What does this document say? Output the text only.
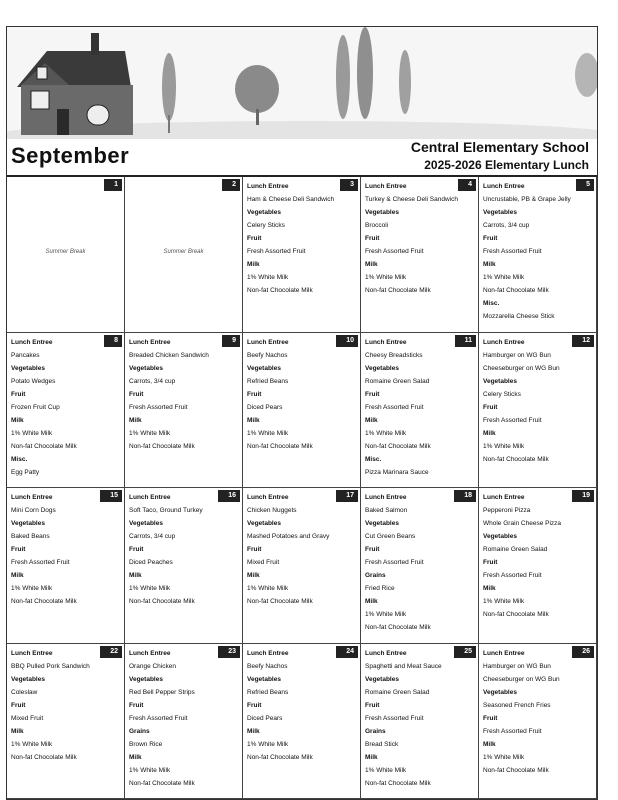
September	Central Elementary School
2025-2026 Elementary Lunch
1
Summer Break
2
Summer Break
3
Lunch Entree
Ham & Cheese Deli Sandwich
Vegetables
Celery Sticks
Fruit
Fresh Assorted Fruit
Milk
1% White Milk
Non-fat Chocolate Milk
4
Lunch Entree
Turkey & Cheese Deli Sandwich
Vegetables
Broccoli
Fruit
Fresh Assorted Fruit
Milk
1% White Milk
Non-fat Chocolate Milk
5
Lunch Entree
Uncrustable, PB & Grape Jelly
Vegetables
Carrots, 3/4 cup
Fruit
Fresh Assorted Fruit
Milk
1% White Milk
Non-fat Chocolate Milk
Misc.
Mozzarella Cheese Stick
8
Lunch Entree
Pancakes
Vegetables
Potato Wedges
Fruit
Frozen Fruit Cup
Milk
1% White Milk
Non-fat Chocolate Milk
Misc.
Egg Patty
9
Lunch Entree
Breaded Chicken Sandwich
Vegetables
Carrots, 3/4 cup
Fruit
Fresh Assorted Fruit
Milk
1% White Milk
Non-fat Chocolate Milk
10
Lunch Entree
Beefy Nachos
Vegetables
Refried Beans
Fruit
Diced Pears
Milk
1% White Milk
Non-fat Chocolate Milk
11
Lunch Entree
Cheesy Breadsticks
Vegetables
Romaine Green Salad
Fruit
Fresh Assorted Fruit
Milk
1% White Milk
Non-fat Chocolate Milk
Misc.
Pizza Marinara Sauce
12
Lunch Entree
Hamburger on WG Bun
Cheeseburger on WG Bun
Vegetables
Celery Sticks
Fruit
Fresh Assorted Fruit
Milk
1% White Milk
Non-fat Chocolate Milk
15
Lunch Entree
Mini Corn Dogs
Vegetables
Baked Beans
Fruit
Fresh Assorted Fruit
Milk
1% White Milk
Non-fat Chocolate Milk
16
Lunch Entree
Soft Taco, Ground Turkey
Vegetables
Carrots, 3/4 cup
Fruit
Diced Peaches
Milk
1% White Milk
Non-fat Chocolate Milk
17
Lunch Entree
Chicken Nuggets
Vegetables
Mashed Potatoes and Gravy
Fruit
Mixed Fruit
Milk
1% White Milk
Non-fat Chocolate Milk
18
Lunch Entree
Baked Salmon
Vegetables
Cut Green Beans
Fruit
Fresh Assorted Fruit
Grains
Fried Rice
Milk
1% White Milk
Non-fat Chocolate Milk
19
Lunch Entree
Pepperoni Pizza
Whole Grain Cheese Pizza
Vegetables
Romaine Green Salad
Fruit
Fresh Assorted Fruit
Milk
1% White Milk
Non-fat Chocolate Milk
22
Lunch Entree
BBQ Pulled Pork Sandwich
Vegetables
Coleslaw
Fruit
Mixed Fruit
Milk
1% White Milk
Non-fat Chocolate Milk
23
Lunch Entree
Orange Chicken
Vegetables
Red Bell Pepper Strips
Fruit
Fresh Assorted Fruit
Grains
Brown Rice
Milk
1% White Milk
Non-fat Chocolate Milk
24
Lunch Entree
Beefy Nachos
Vegetables
Refried Beans
Fruit
Diced Pears
Milk
1% White Milk
Non-fat Chocolate Milk
25
Lunch Entree
Spaghetti and Meat Sauce
Vegetables
Romaine Green Salad
Fruit
Fresh Assorted Fruit
Grains
Bread Stick
Milk
1% White Milk
Non-fat Chocolate Milk
26
Lunch Entree
Hamburger on WG Bun
Cheeseburger on WG Bun
Vegetables
Seasoned French Fries
Fruit
Fresh Assorted Fruit
Milk
1% White Milk
Non-fat Chocolate Milk
